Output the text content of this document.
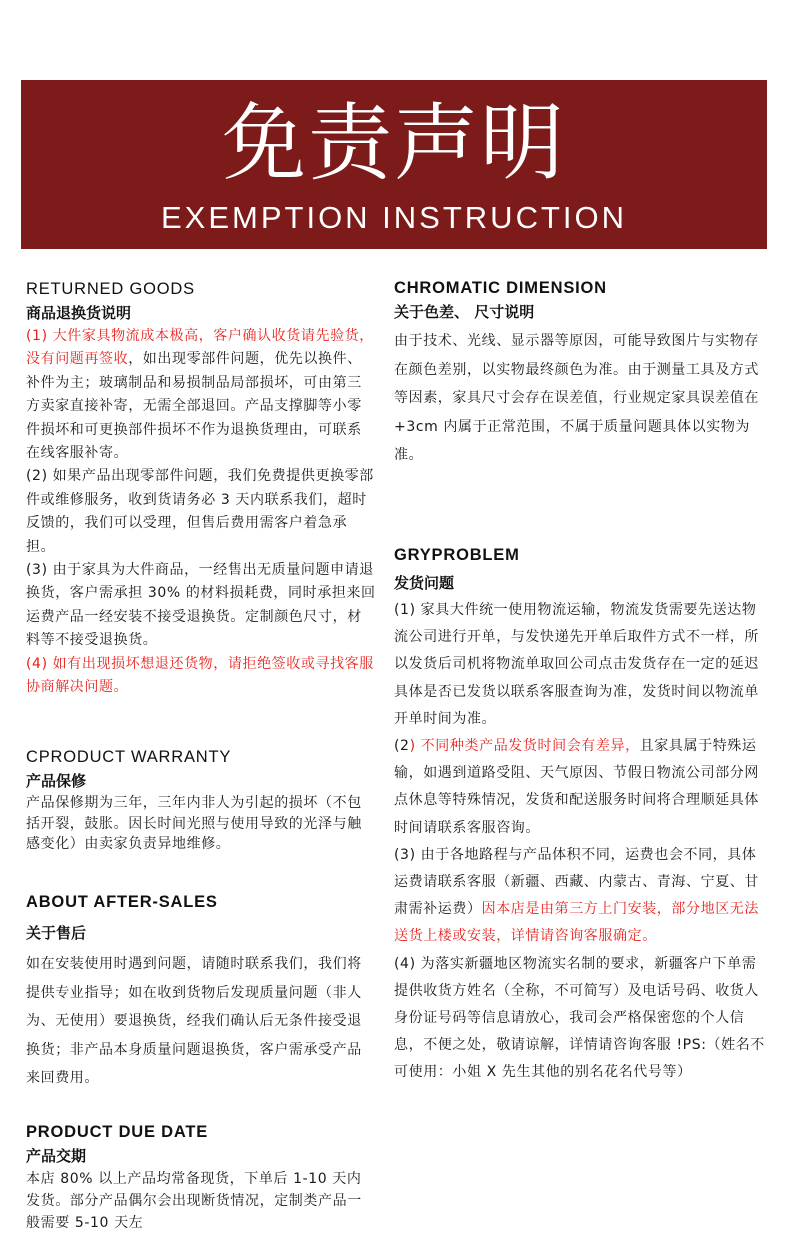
免责声明
EXEMPTION INSTRUCTION
RETURNED GOODS
商品退换货说明

(1) 大件家具物流成本极高，客户确认收货请先验货，没有问题再签收，如出现零部件问题，优先以换件、补件为主；玻璃制品和易损制品局部损坏，可由第三方卖家直接补寄，无需全部退回。产品支撑脚等小零件损坏和可更换部件损坏不作为退换货理由，可联系在线客服补寄。

(2) 如果产品出现零部件问题，我们免费提供更换零部件或维修服务，收到货请务必 3 天内联系我们，超时反馈的，我们可以受理，但售后费用需客户着急承担。

(3) 由于家具为大件商品，一经售出无质量问题申请退换货，客户需承担 30% 的材料损耗费，同时承担来回运费产品一经安装不接受退换货。定制颜色尺寸，材料等不接受退换货。

(4) 如有出现损坏想退还货物，请拒绝签收或寻找客服协商解决问题。

CPRODUCT WARRANTY
产品保修

产品保修期为三年，三年内非人为引起的损坏（不包括开裂，鼓胀。因长时间光照与使用导致的光泽与触感变化）由卖家负责异地维修。

ABOUT AFTER-SALES
关于售后

如在安装使用时遇到问题，请随时联系我们，我们将提供专业指导；如在收到货物后发现质量问题（非人为、无使用）要退换货，经我们确认后无条件接受退换货；非产品本身质量问题退换货，客户需承受产品来回费用。

PRODUCT DUE DATE
产品交期

本店 80% 以上产品均常备现货，下单后 1-10 天内发货。部分产品偶尔会出现断货情况，定制类产品一般需要 5-10 天左

CHROMATIC DIMENSION
关于色差、 尺寸说明

由于技术、光线、显示器等原因，可能导致图片与实物存在颜色差别，以实物最终颜色为准。由于测量工具及方式等因素，家具尺寸会存在误差值，行业规定家具误差值在 +3cm 内属于正常范围，不属于质量问题具体以实物为准。

GRYPROBLEM
发货问题

(1) 家具大件统一使用物流运输，物流发货需要先送达物流公司进行开单，与发快递先开单后取件方式不一样，所以发货后司机将物流单取回公司点击发货存在一定的延迟具体是否已发货以联系客服查询为准，发货时间以物流单开单时间为准。

(2) 不同种类产品发货时间会有差异，且家具属于特殊运输，如遇到道路受阻、天气原因、节假日物流公司部分网点休息等特殊情况，发货和配送服务时间将合理顺延具体时间请联系客服咨询。

(3) 由于各地路程与产品体积不同，运费也会不同，具体运费请联系客服（新疆、西藏、内蒙古、青海、宁夏、甘肃需补运费）因本店是由第三方上门安装，部分地区无法送货上楼或安装，详情请咨询客服确定。

(4) 为落实新疆地区物流实名制的要求，新疆客户下单需提供收货方姓名（全称，不可简写）及电话号码、收货人身份证号码等信息请放心，我司会严格保密您的个人信息，不便之处，敬请谅解，详情请咨询客服 !PS:（姓名不可使用：小姐 X 先生其他的别名花名代号等）
